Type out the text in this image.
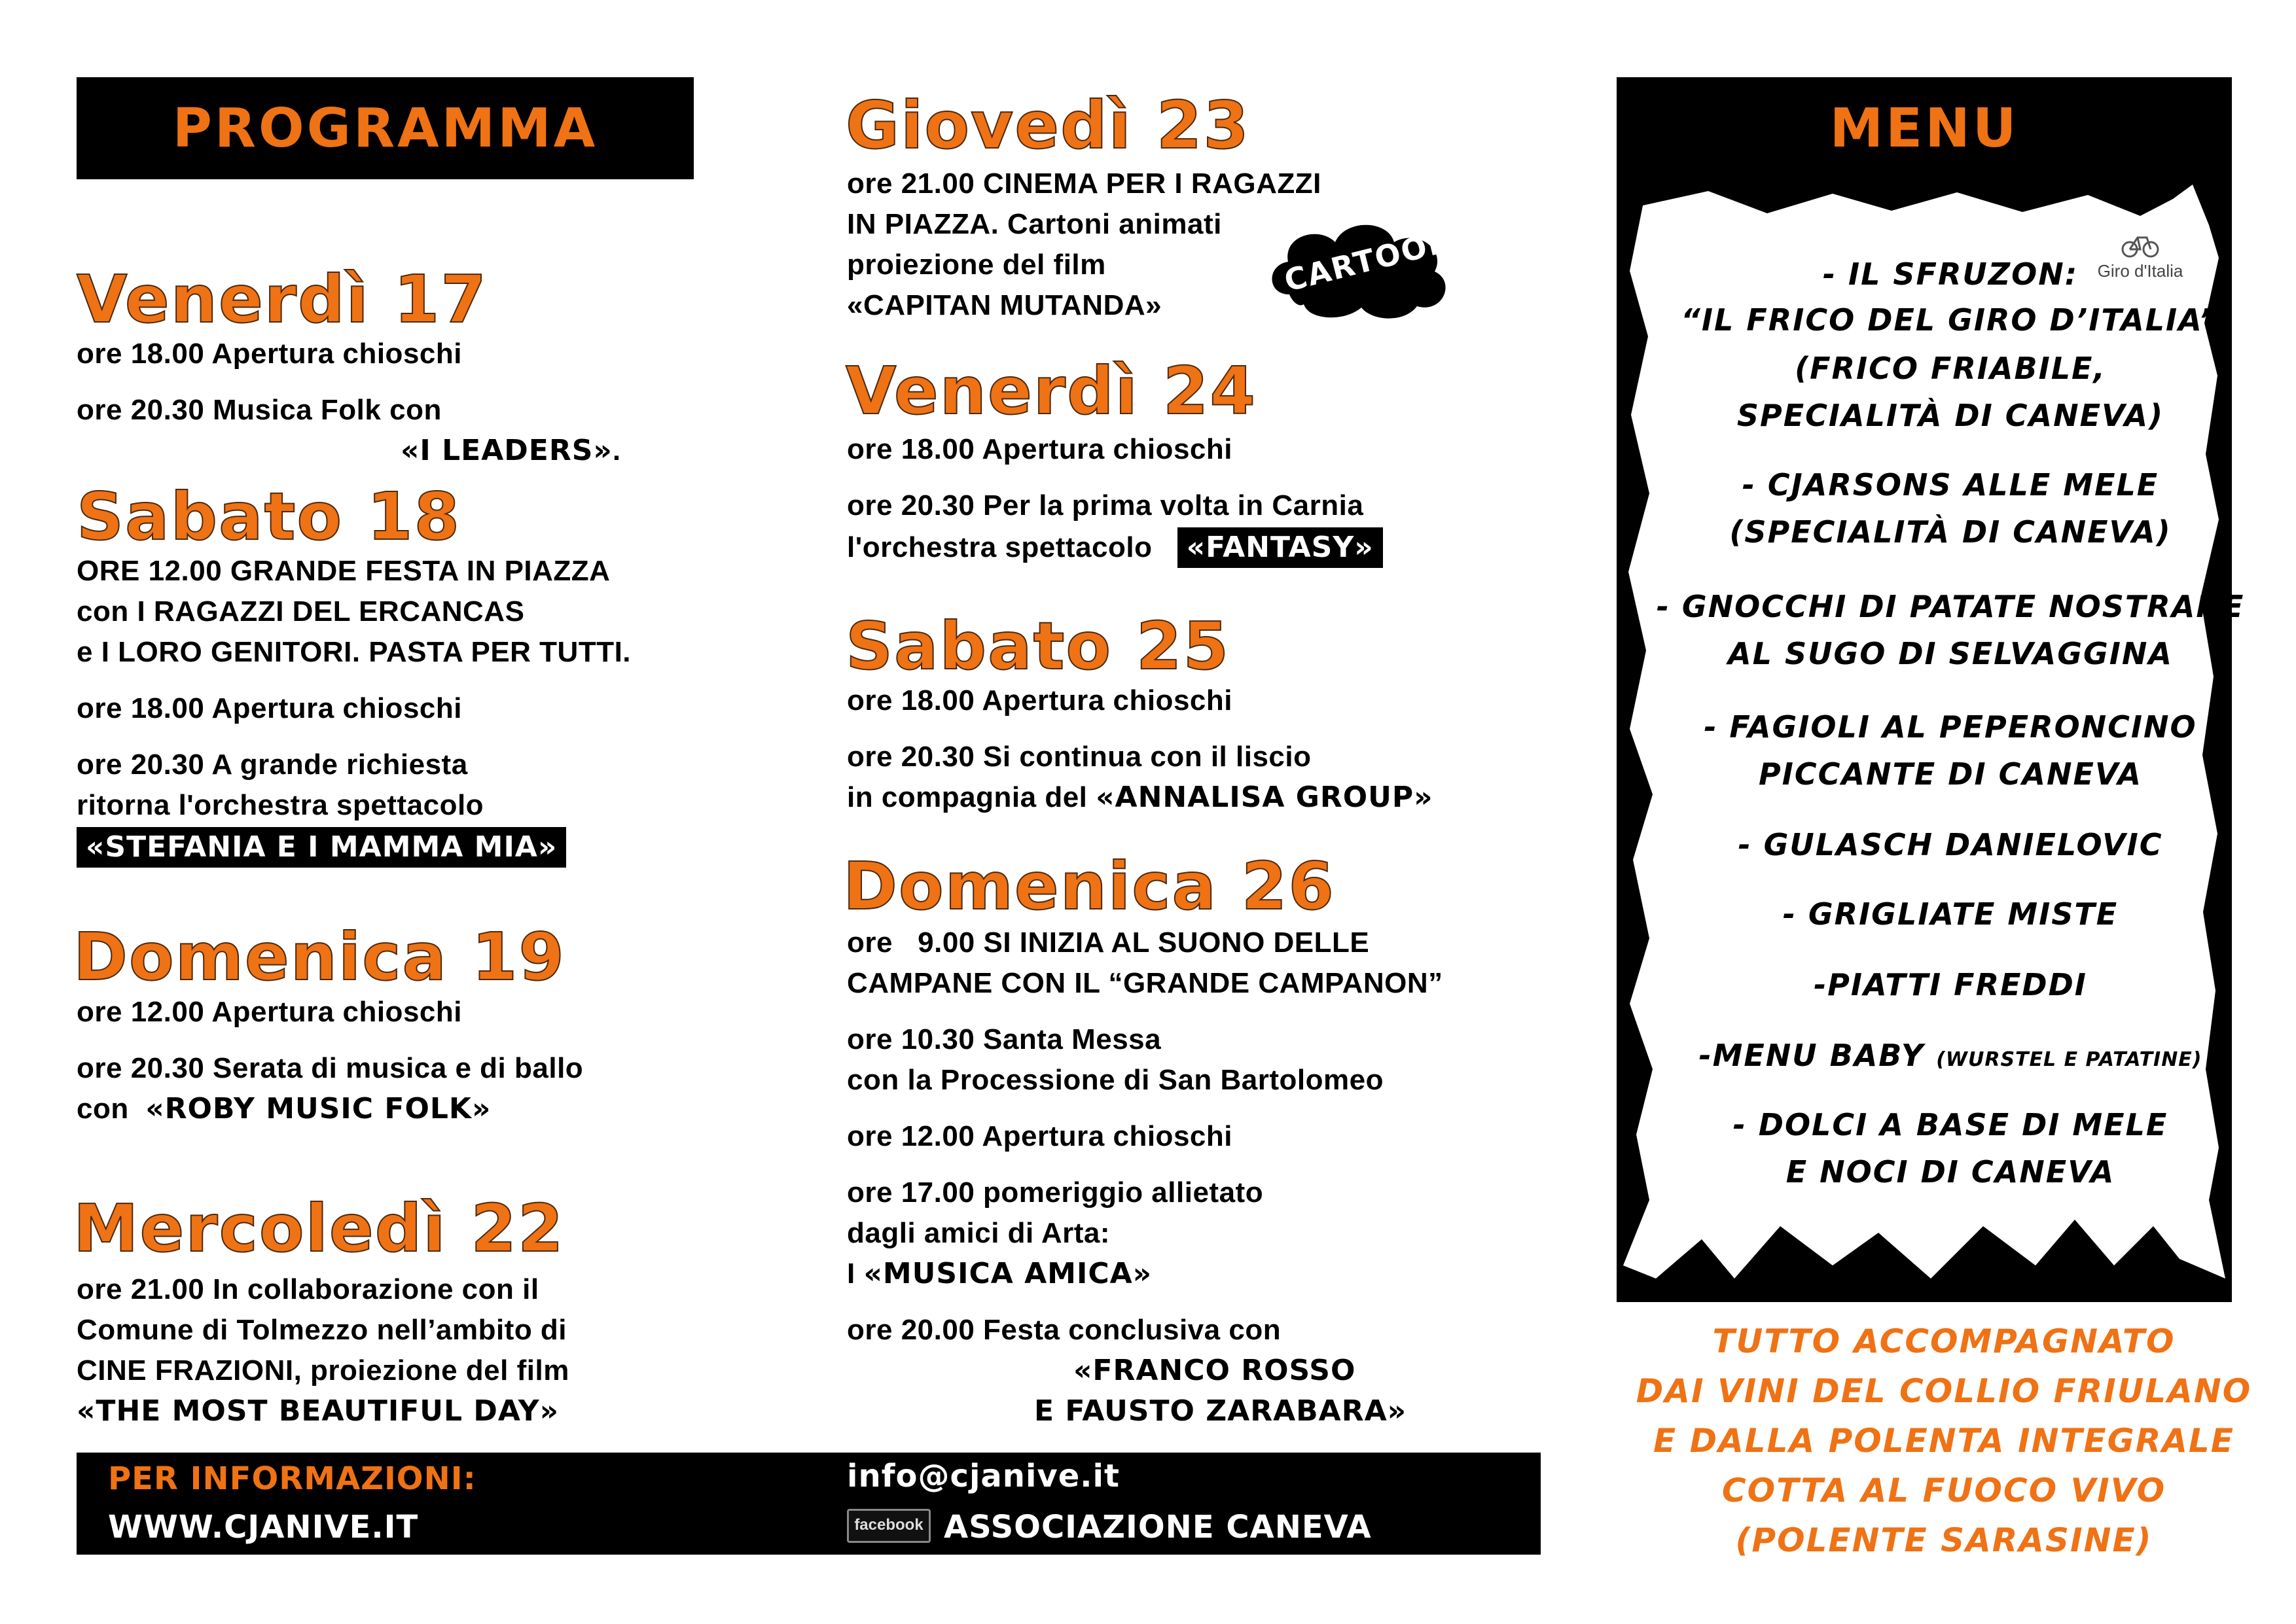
PROGRAMMA
Venerdì 17
ore 18.00 Apertura chioschi
ore 20.30 Musica Folk con
«I LEADERS».
Sabato 18
ORE 12.00 GRANDE FESTA IN PIAZZA
con I RAGAZZI DEL ERCANCAS
e I LORO GENITORI. PASTA PER TUTTI.
ore 18.00 Apertura chioschi
ore 20.30 A grande richiesta
ritorna l'orchestra spettacolo
«STEFANIA E I MAMMA MIA»
Domenica 19
ore 12.00 Apertura chioschi
ore 20.30 Serata di musica e di ballo
con «ROBY MUSIC FOLK»
Mercoledì 22
ore 21.00 In collaborazione con il
Comune di Tolmezzo nell’ambito di
CINE FRAZIONI, proiezione del film
«THE MOST BEAUTIFUL DAY»
Giovedì 23
ore 21.00 CINEMA PER I RAGAZZI
IN PIAZZA. Cartoni animati
proiezione del film
«CAPITAN MUTANDA»
CARTOON
Venerdì 24
ore 18.00 Apertura chioschi
ore 20.30 Per la prima volta in Carnia
l'orchestra spettacolo «FANTASY»
Sabato 25
ore 18.00 Apertura chioschi
ore 20.30 Si continua con il liscio
in compagnia del «ANNALISA GROUP»
Domenica 26
ore   9.00 SI INIZIA AL SUONO DELLE
CAMPANE CON IL “GRANDE CAMPANON”
ore 10.30 Santa Messa
con la Processione di San Bartolomeo
ore 12.00 Apertura chioschi
ore 17.00 pomeriggio allietato
dagli amici di Arta:
I «MUSICA AMICA»
ore 20.00 Festa conclusiva con
«FRANCO ROSSO
E FAUSTO ZARABARA»
PER INFORMAZIONI:
WWW.CJANIVE.IT
info@cjanive.it
facebook ASSOCIAZIONE CANEVA
MENU
Giro d'Italia
- IL SFRUZON:
“IL FRICO DEL GIRO D’ITALIA”
(FRICO FRIABILE,
SPECIALITÀ DI CANEVA)
- CJARSONS ALLE MELE
(SPECIALITÀ DI CANEVA)
- GNOCCHI DI PATATE NOSTRANE
AL SUGO DI SELVAGGINA
- FAGIOLI AL PEPERONCINO
PICCANTE DI CANEVA
- GULASCH DANIELOVIC
- GRIGLIATE MISTE
-PIATTI FREDDI
-MENU BABY (WURSTEL E PATATINE)
- DOLCI A BASE DI MELE
E NOCI DI CANEVA
TUTTO ACCOMPAGNATO
DAI VINI DEL COLLIO FRIULANO
E DALLA POLENTA INTEGRALE
COTTA AL FUOCO VIVO
(POLENTE SARASINE)
